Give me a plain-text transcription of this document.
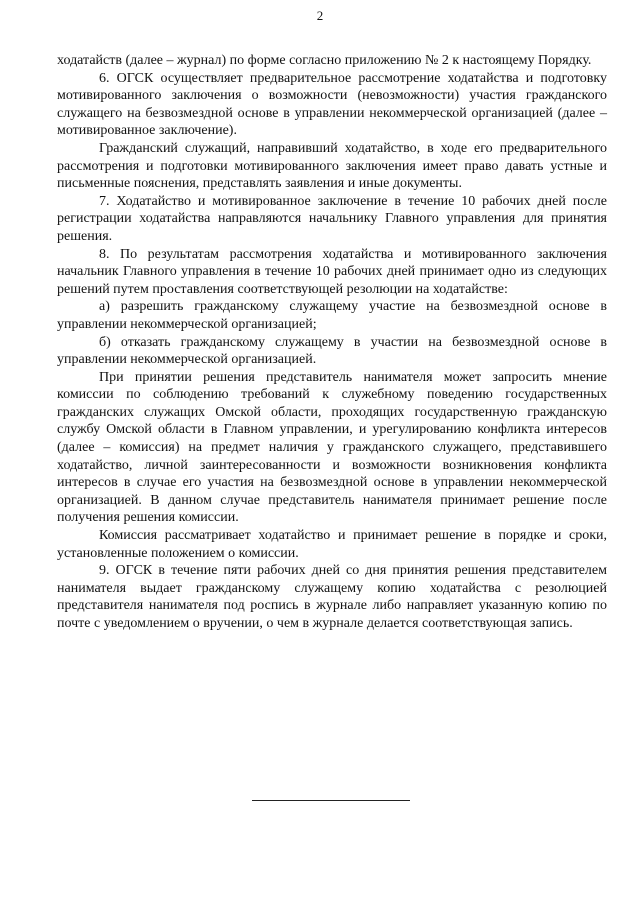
2

ходатайств (далее – журнал) по форме согласно приложению № 2 к настоящему Порядку.

6. ОГСК осуществляет предварительное рассмотрение ходатайства и подготовку мотивированного заключения о возможности (невозможности) участия гражданского служащего на безвозмездной основе в управлении некоммерческой организацией (далее – мотивированное заключение).

Гражданский служащий, направивший ходатайство, в ходе его предварительного рассмотрения и подготовки мотивированного заключения имеет право давать устные и письменные пояснения, представлять заявления и иные документы.

7. Ходатайство и мотивированное заключение в течение 10 рабочих дней после регистрации ходатайства направляются начальнику Главного управления для принятия решения.

8. По результатам рассмотрения ходатайства и мотивированного заключения начальник Главного управления в течение 10 рабочих дней принимает одно из следующих решений путем проставления соответствующей резолюции на ходатайстве:

а) разрешить гражданскому служащему участие на безвозмездной основе в управлении некоммерческой организацией;

б) отказать гражданскому служащему в участии на безвозмездной основе в управлении некоммерческой организацией.

При принятии решения представитель нанимателя может запросить мнение комиссии по соблюдению требований к служебному поведению государственных гражданских служащих Омской области, проходящих государственную гражданскую службу Омской области в Главном управлении, и урегулированию конфликта интересов (далее – комиссия) на предмет наличия у гражданского служащего, представившего ходатайство, личной заинтересованности и возможности возникновения конфликта интересов в случае его участия на безвозмездной основе в управлении некоммерческой организацией. В данном случае представитель нанимателя принимает решение после получения решения комиссии.

Комиссия рассматривает ходатайство и принимает решение в порядке и сроки, установленные положением о комиссии.

9. ОГСК в течение пяти рабочих дней со дня принятия решения представителем нанимателя выдает гражданскому служащему копию ходатайства с резолюцией представителя нанимателя под роспись в журнале либо направляет указанную копию по почте с уведомлением о вручении, о чем в журнале делается соответствующая запись.
